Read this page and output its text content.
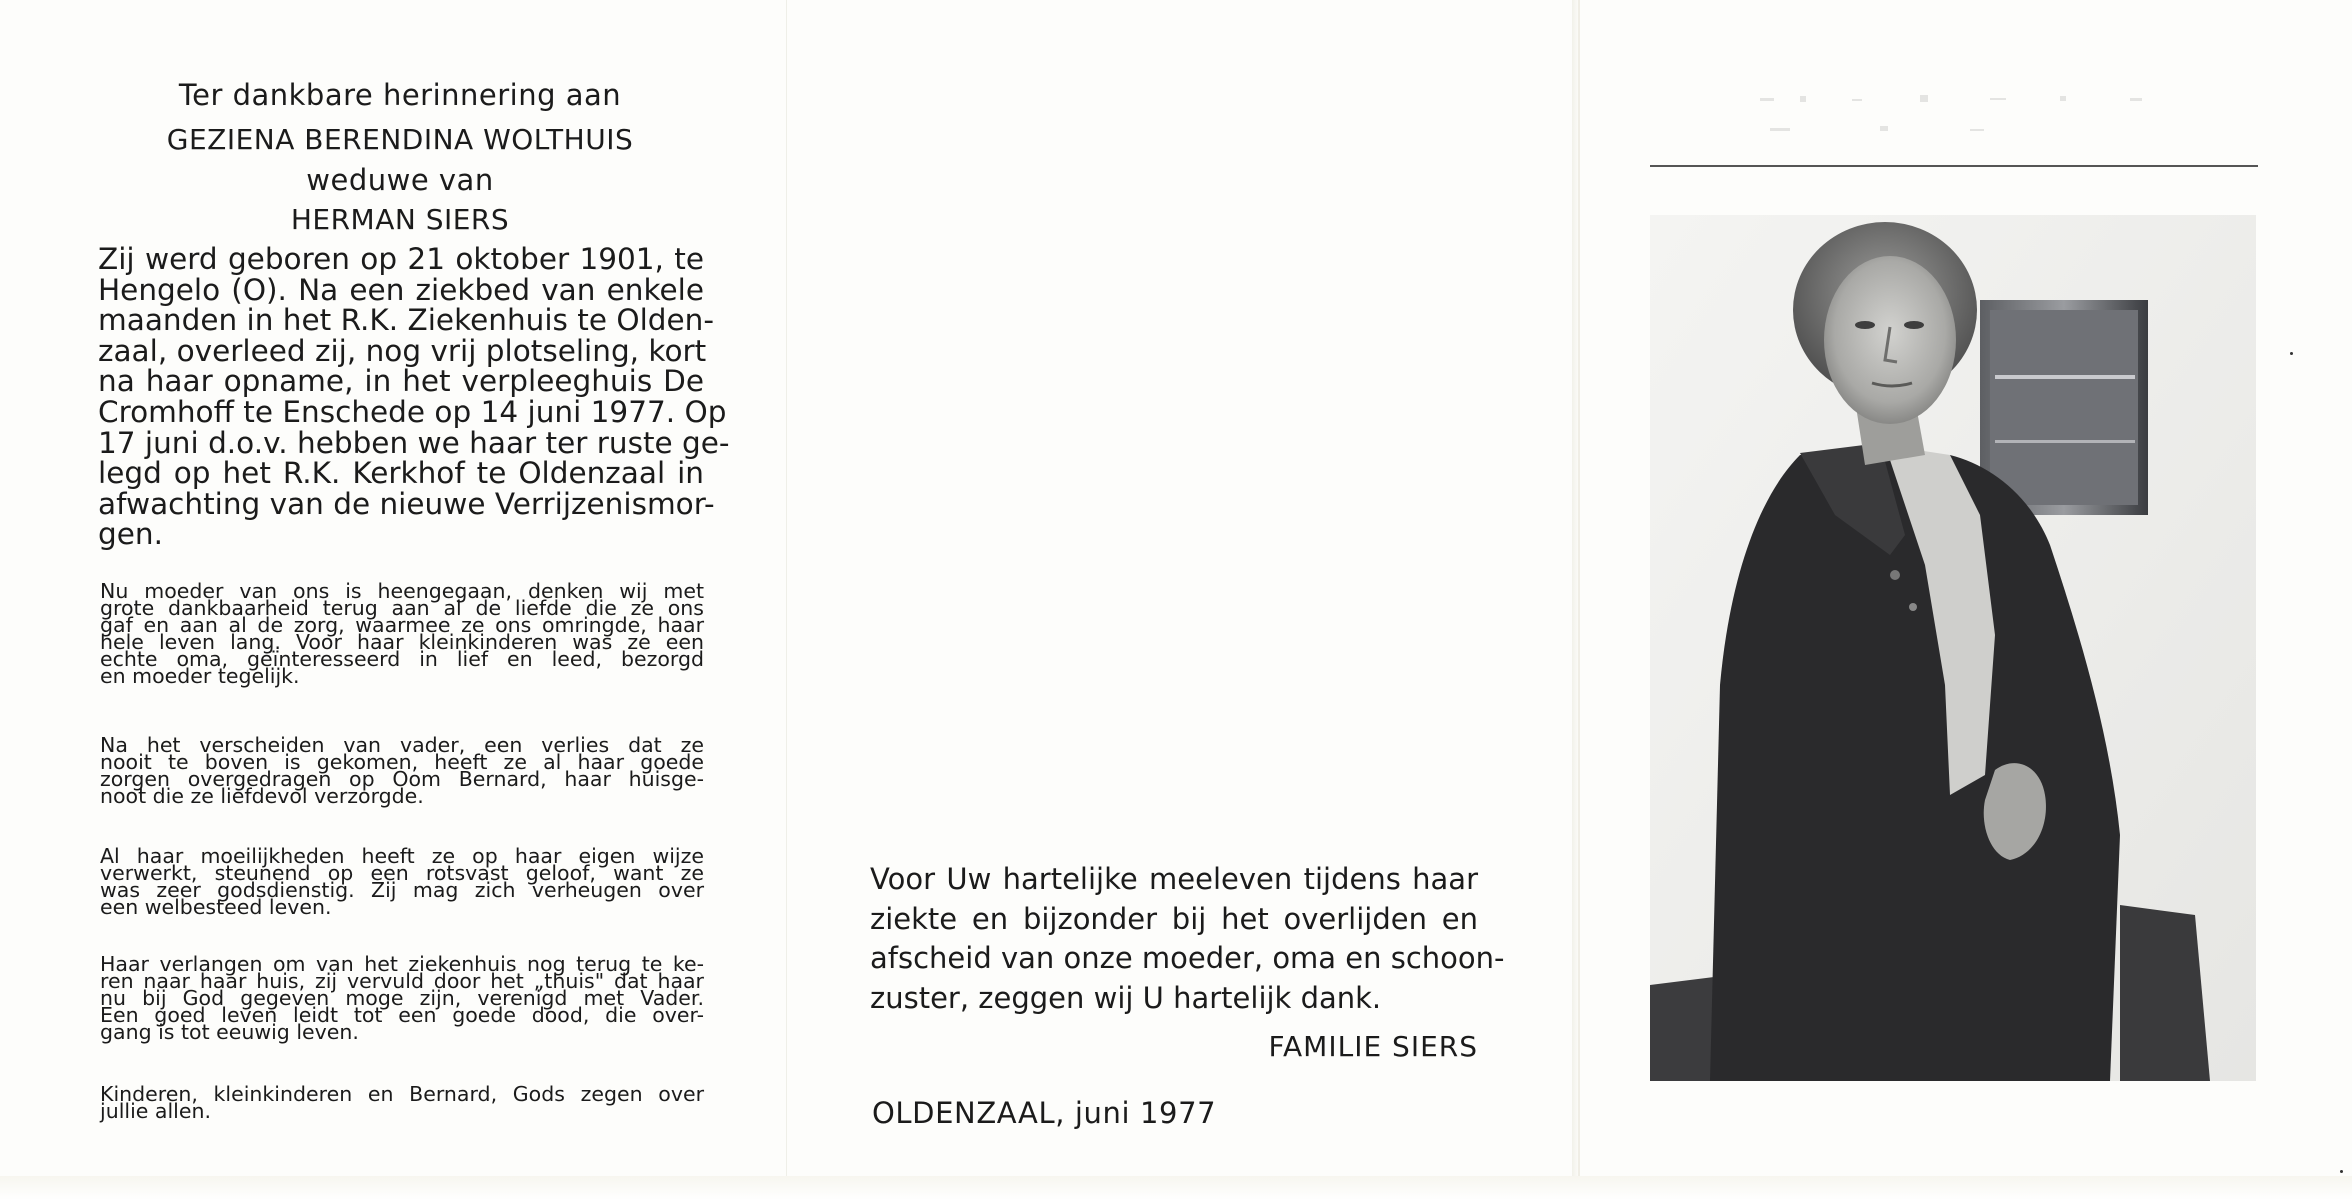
Ter dankbare herinnering aan
GEZIENA BERENDINA WOLTHUIS
weduwe van
HERMAN SIERS
Zij werd geboren op 21 oktober 1901, te
Hengelo (O). Na een ziekbed van enkele
maanden in het R.K. Ziekenhuis te Olden-
zaal, overleed zij, nog vrij plotseling, kort
na haar opname, in het verpleeghuis De
Cromhoff te Enschede op 14 juni 1977. Op
17 juni d.o.v. hebben we haar ter ruste ge-
legd op het R.K. Kerkhof te Oldenzaal in
afwachting van de nieuwe Verrijzenismor-
gen.
Nu moeder van ons is heengegaan, denken wij met
grote dankbaarheid terug aan al de liefde die ze ons
gaf en aan al de zorg, waarmee ze ons omringde, haar
hele leven lang. Voor haar kleinkinderen was ze een
echte oma, geïnteresseerd in lief en leed, bezorgd
en moeder tegelijk.
Na het verscheiden van vader, een verlies dat ze
nooit te boven is gekomen, heeft ze al haar goede
zorgen overgedragen op Oom Bernard, haar huisge-
noot die ze liefdevol verzorgde.
Al haar moeilijkheden heeft ze op haar eigen wijze
verwerkt, steunend op een rotsvast geloof, want ze
was zeer godsdienstig. Zij mag zich verheugen over
een welbesteed leven.
Haar verlangen om van het ziekenhuis nog terug te ke-
ren naar haar huis, zij vervuld door het „thuis" dat haar
nu bij God gegeven moge zijn, verenigd met Vader.
Een goed leven leidt tot een goede dood, die over-
gang is tot eeuwig leven.
Kinderen, kleinkinderen en Bernard, Gods zegen over
jullie allen.
Voor Uw hartelijke meeleven tijdens haar
ziekte en bijzonder bij het overlijden en
afscheid van onze moeder, oma en schoon-
zuster, zeggen wij U hartelijk dank.
FAMILIE SIERS
OLDENZAAL, juni 1977
